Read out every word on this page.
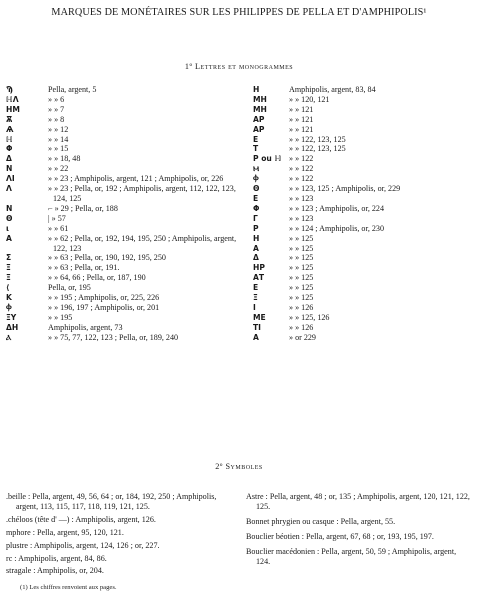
MARQUES DE MONÉTAIRES SUR LES PHILIPPES DE PELLA ET D'AMPHIPOLIS¹
1º Lettres et monogrammes
Ϡ	Pella, argent, 5
ℍΛ	» » 6
ΗΜ	» » 7
Ѫ	» » 8
Ѧ	» » 12
ℍ	» » 14
Φ	» » 15
Δ	» » 18, 48
Ν	» » 22
ΛΙ	» » 23 ; Amphipolis, argent, 121 ; Amphipolis, or, 226
Λ	» » 23 ; Pella, or, 192 ; Amphipolis, argent, 112, 122, 123, 124, 125
Ν	⌐ » 29 ; Pella, or, 188
Θ	| » 57
ι	» » 61
Α	» » 62 ; Pella, or, 192, 194, 195, 250 ; Amphipolis, argent, 122, 123
Σ	» » 63 ; Pella, or, 190, 192, 195, 250
Ξ	» » 63 ; Pella, or, 191.
Ξ	» » 64, 66 ; Pella, or, 187, 190
⟨	Pella, or, 195
Κ	» » 195 ; Amphipolis, or, 225, 226
Ⲫ	» » 196, 197 ; Amphipolis, or, 201
ΞΥ	» » 195
ΔΗ	Amphipolis, argent, 73
Ⲁ	» » 75, 77, 122, 123 ; Pella, or, 189, 240
Η	Amphipolis, argent, 83, 84
ΜΗ	» » 120, 121
ΜΗ	» » 121
ΑΡ	» » 121
ΑΡ	» » 121
Ε	» » 122, 123, 125
Τ	» » 122, 123, 125
Ρ ou ℍ » » 122
Ⲙ	» » 122
Ⲫ	» » 122
Θ	» » 123, 125 ; Amphipolis, or, 229
Ε	» » 123
Φ	» » 123 ; Amphipolis, or, 224
Γ	» » 123
Ρ	» » 124 ; Amphipolis, or, 230
Η	» » 125
Α	» » 125
Δ	» » 125
ΗΡ	» » 125
ΑΤ	» » 125
Ε	» » 125
Ξ	» » 125
Ι	» » 126
ΜΕ	» » 125, 126
ΤΙ	» » 126
Α	» or 229
2º Symboles
.beille : Pella, argent, 49, 56, 64 ; or, 184, 192, 250 ; Amphipolis, argent, 113, 115, 117, 118, 119, 121, 125.
.chéloos (tête d' —) : Amphipolis, argent, 126.
mphore : Pella, argent, 95, 120, 121.
plustre : Amphipolis, argent, 124, 126 ; or, 227.
rc : Amphipolis, argent, 84, 86.
stragale : Amphipolis, or, 204.
Astre : Pella, argent, 48 ; or, 135 ; Amphipolis, argent, 120, 121, 122, 125.
Bonnet phrygien ou casque : Pella, argent, 55.
Bouclier béotien : Pella, argent, 67, 68 ; or, 193, 195, 197.
Bouclier macédonien : Pella, argent, 50, 59 ; Amphipolis, argent, 124.
(1) Les chiffres renvoient aux pages.
